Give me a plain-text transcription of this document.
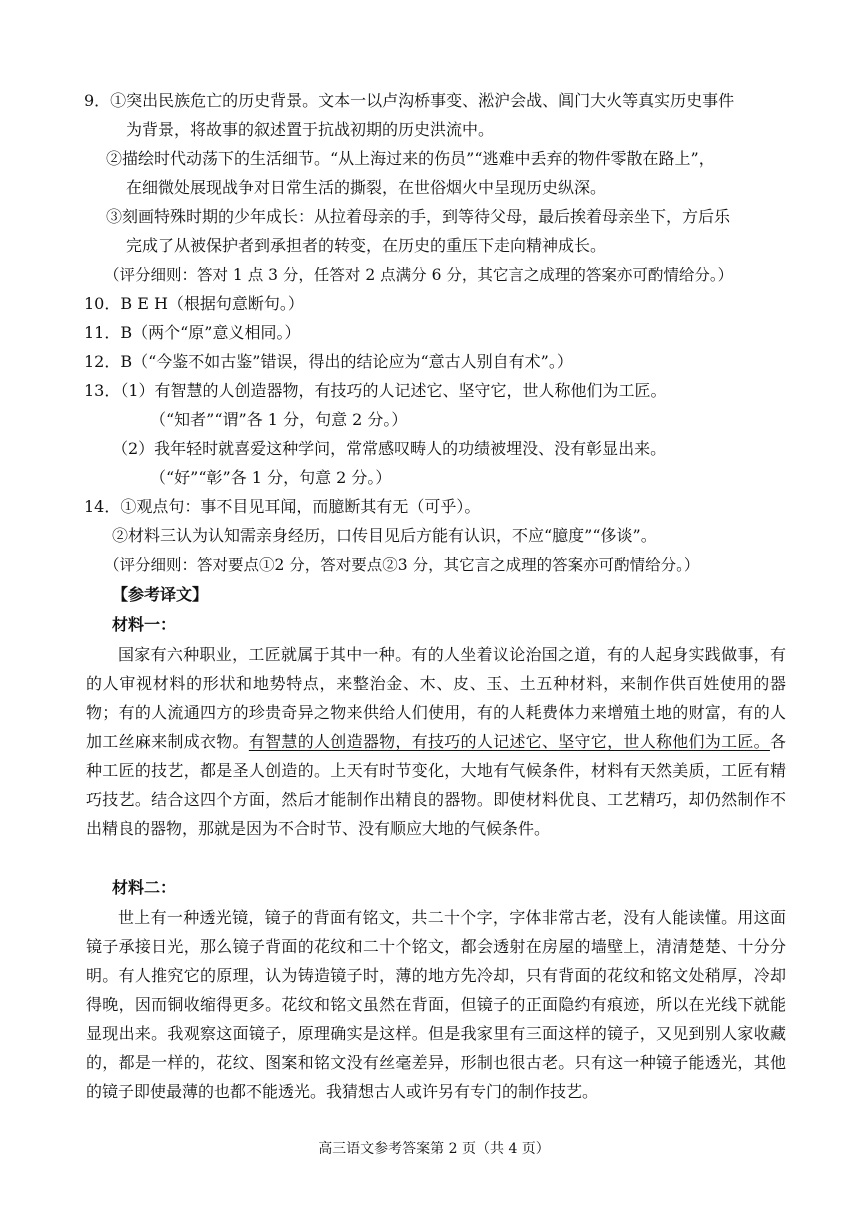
9．①突出民族危亡的历史背景。文本一以卢沟桥事变、淞沪会战、阊门大火等真实历史事件
为背景，将故事的叙述置于抗战初期的历史洪流中。
②描绘时代动荡下的生活细节。“从上海过来的伤员”“逃难中丢弃的物件零散在路上”，
在细微处展现战争对日常生活的撕裂，在世俗烟火中呈现历史纵深。
③刻画特殊时期的少年成长：从拉着母亲的手，到等待父母，最后挨着母亲坐下，方后乐
完成了从被保护者到承担者的转变，在历史的重压下走向精神成长。
（评分细则：答对 1 点 3 分，任答对 2 点满分 6 分，其它言之成理的答案亦可酌情给分。）
10．B E H（根据句意断句。）
11．B（两个“原”意义相同。）
12．B（“今鉴不如古鉴”错误，得出的结论应为“意古人别自有术”。）
13．（1）有智慧的人创造器物，有技巧的人记述它、坚守它，世人称他们为工匠。
（“知者”“谓”各 1 分，句意 2 分。）
（2）我年轻时就喜爱这种学问，常常感叹畴人的功绩被埋没、没有彰显出来。
（“好”“彰”各 1 分，句意 2 分。）
14．①观点句：事不目见耳闻，而臆断其有无（可乎）。
②材料三认为认知需亲身经历，口传目见后方能有认识，不应“臆度”“侈谈”。
（评分细则：答对要点①2 分，答对要点②3 分，其它言之成理的答案亦可酌情给分。）
【参考译文】
材料一：

国家有六种职业，工匠就属于其中一种。有的人坐着议论治国之道，有的人起身实践做事，有的人审视材料的形状和地势特点，来整治金、木、皮、玉、土五种材料，来制作供百姓使用的器物；有的人流通四方的珍贵奇异之物来供给人们使用，有的人耗费体力来增殖土地的财富，有的人加工丝麻来制成衣物。有智慧的人创造器物，有技巧的人记述它、坚守它，世人称他们为工匠。各种工匠的技艺，都是圣人创造的。上天有时节变化，大地有气候条件，材料有天然美质，工匠有精巧技艺。结合这四个方面，然后才能制作出精良的器物。即使材料优良、工艺精巧，却仍然制作不出精良的器物，那就是因为不合时节、没有顺应大地的气候条件。

材料二：

世上有一种透光镜，镜子的背面有铭文，共二十个字，字体非常古老，没有人能读懂。用这面镜子承接日光，那么镜子背面的花纹和二十个铭文，都会透射在房屋的墙壁上，清清楚楚、十分分明。有人推究它的原理，认为铸造镜子时，薄的地方先冷却，只有背面的花纹和铭文处稍厚，冷却得晚，因而铜收缩得更多。花纹和铭文虽然在背面，但镜子的正面隐约有痕迹，所以在光线下就能显现出来。我观察这面镜子，原理确实是这样。但是我家里有三面这样的镜子，又见到别人家收藏的，都是一样的，花纹、图案和铭文没有丝毫差异，形制也很古老。只有这一种镜子能透光，其他的镜子即使最薄的也都不能透光。我猜想古人或许另有专门的制作技艺。

高三语文参考答案第 2 页（共 4 页）
